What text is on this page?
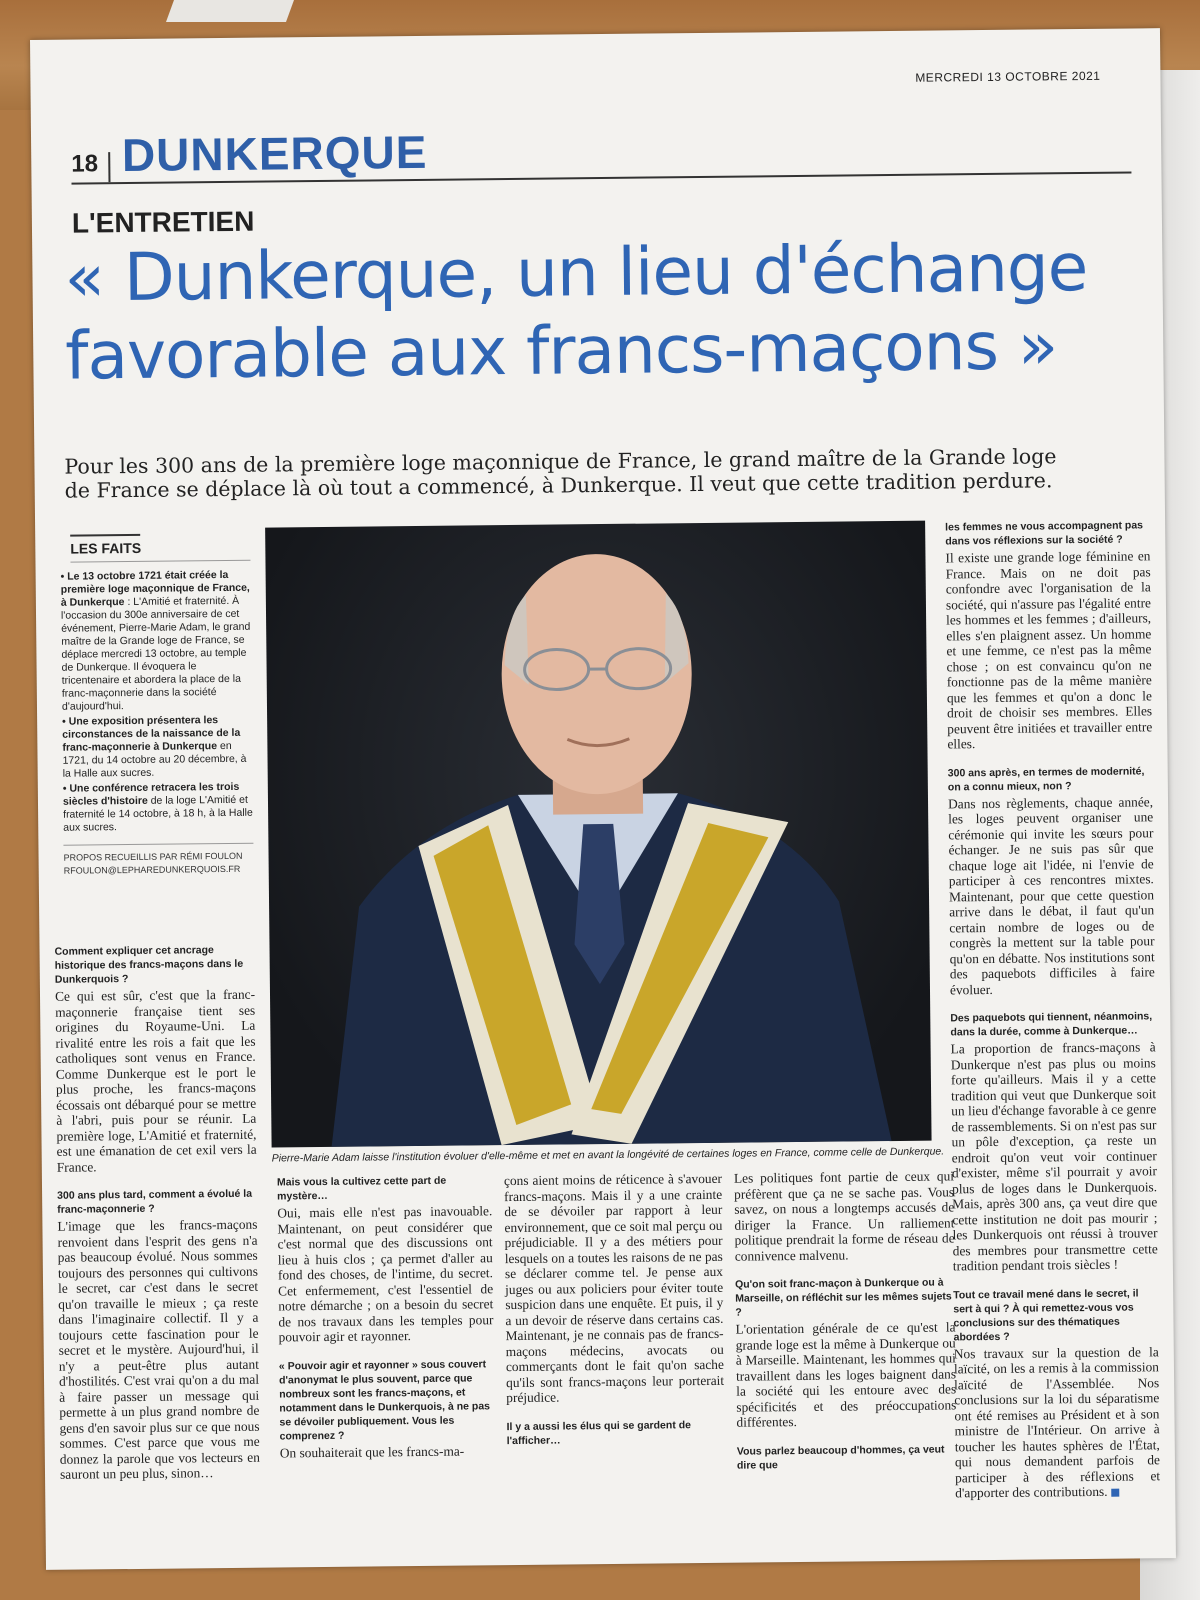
MERCREDI 13 OCTOBRE 2021
18 DUNKERQUE
L'ENTRETIEN
« Dunkerque, un lieu d'échange favorable aux francs-maçons »
Pour les 300 ans de la première loge maçonnique de France, le grand maître de la Grande loge de France se déplace là où tout a commencé, à Dunkerque. Il veut que cette tradition perdure.
LES FAITS

• Le 13 octobre 1721 était créée la première loge maçonnique de France, à Dunkerque : L'Amitié et fraternité. À l'occasion du 300e anniversaire de cet événement, Pierre-Marie Adam, le grand maître de la Grande loge de France, se déplace mercredi 13 octobre, au temple de Dunkerque. Il évoquera le tricentenaire et abordera la place de la franc-maçonnerie dans la société d'aujourd'hui.

• Une exposition présentera les circonstances de la naissance de la franc-maçonnerie à Dunkerque en 1721, du 14 octobre au 20 décembre, à la Halle aux sucres.

• Une conférence retracera les trois siècles d'histoire de la loge L'Amitié et fraternité le 14 octobre, à 18 h, à la Halle aux sucres.

PROPOS RECUEILLIS PAR RÉMI FOULON
RFOULON@LEPHAREDUNKERQUOIS.FR
Comment expliquer cet ancrage historique des francs-maçons dans le Dunkerquois ?

Ce qui est sûr, c'est que la franc-maçonnerie française tient ses origines du Royaume-Uni. La rivalité entre les rois a fait que les catholiques sont venus en France. Comme Dunkerque est le port le plus proche, les francs-maçons écossais ont débarqué pour se mettre à l'abri, puis pour se réunir. La première loge, L'Amitié et fraternité, est une émanation de cet exil vers la France.

300 ans plus tard, comment a évolué la franc-maçonnerie ?

L'image que les francs-maçons renvoient dans l'esprit des gens n'a pas beaucoup évolué. Nous sommes toujours des personnes qui cultivons le secret, car c'est dans le secret qu'on travaille le mieux ; ça reste dans l'imaginaire collectif. Il y a toujours cette fascination pour le secret et le mystère. Aujourd'hui, il n'y a peut-être plus autant d'hostilités. C'est vrai qu'on a du mal à faire passer un message qui permette à un plus grand nombre de gens d'en savoir plus sur ce que nous sommes. C'est parce que vous me donnez la parole que vos lecteurs en sauront un peu plus, sinon…

Pierre-Marie Adam laisse l'institution évoluer d'elle-même et met en avant la longévité de certaines loges en France, comme celle de Dunkerque.
Mais vous la cultivez cette part de mystère…

Oui, mais elle n'est pas inavouable. Maintenant, on peut considérer que c'est normal que des discussions ont lieu à huis clos ; ça permet d'aller au fond des choses, de l'intime, du secret. Cet enfermement, c'est l'essentiel de notre démarche ; on a besoin du secret de nos travaux dans les temples pour pouvoir agir et rayonner.

« Pouvoir agir et rayonner » sous couvert d'anonymat le plus souvent, parce que nombreux sont les francs-maçons, et notamment dans le Dunkerquois, à ne pas se dévoiler publiquement. Vous les comprenez ?

On souhaiterait que les francs-ma-

çons aient moins de réticence à s'avouer francs-maçons. Mais il y a une crainte de se dévoiler par rapport à leur environnement, que ce soit mal perçu ou préjudiciable. Il y a des métiers pour lesquels on a toutes les raisons de ne pas se déclarer comme tel. Je pense aux juges ou aux policiers pour éviter toute suspicion dans une enquête. Et puis, il y a un devoir de réserve dans certains cas. Maintenant, je ne connais pas de francs-maçons médecins, avocats ou commerçants dont le fait qu'on sache qu'ils sont francs-maçons leur porterait préjudice.

Il y a aussi les élus qui se gardent de l'afficher…

Les politiques font partie de ceux qui préfèrent que ça ne se sache pas. Vous savez, on nous a longtemps accusés de diriger la France. Un ralliement politique prendrait la forme de réseau de connivence malvenu.

Qu'on soit franc-maçon à Dunkerque ou à Marseille, on réfléchit sur les mêmes sujets ?

L'orientation générale de ce qu'est la grande loge est la même à Dunkerque ou à Marseille. Maintenant, les hommes qui travaillent dans les loges baignent dans la société qui les entoure avec des spécificités et des préoccupations différentes.

Vous parlez beaucoup d'hommes, ça veut dire que
les femmes ne vous accompagnent pas dans vos réflexions sur la société ?

Il existe une grande loge féminine en France. Mais on ne doit pas confondre avec l'organisation de la société, qui n'assure pas l'égalité entre les hommes et les femmes ; d'ailleurs, elles s'en plaignent assez. Un homme et une femme, ce n'est pas la même chose ; on est convaincu qu'on ne fonctionne pas de la même manière que les femmes et qu'on a donc le droit de choisir ses membres. Elles peuvent être initiées et travailler entre elles.

300 ans après, en termes de modernité, on a connu mieux, non ?

Dans nos règlements, chaque année, les loges peuvent organiser une cérémonie qui invite les sœurs pour échanger. Je ne suis pas sûr que chaque loge ait l'idée, ni l'envie de participer à ces rencontres mixtes. Maintenant, pour que cette question arrive dans le débat, il faut qu'un certain nombre de loges ou de congrès la mettent sur la table pour qu'on en débatte. Nos institutions sont des paquebots difficiles à faire évoluer.

Des paquebots qui tiennent, néanmoins, dans la durée, comme à Dunkerque…

La proportion de francs-maçons à Dunkerque n'est pas plus ou moins forte qu'ailleurs. Mais il y a cette tradition qui veut que Dunkerque soit un lieu d'échange favorable à ce genre de rassemblements. Si on n'est pas sur un pôle d'exception, ça reste un endroit qu'on veut voir continuer d'exister, même s'il pourrait y avoir plus de loges dans le Dunkerquois. Mais, après 300 ans, ça veut dire que cette institution ne doit pas mourir ; les Dunkerquois ont réussi à trouver des membres pour transmettre cette tradition pendant trois siècles !

Tout ce travail mené dans le secret, il sert à qui ? À qui remettez-vous vos conclusions sur des thématiques abordées ?

Nos travaux sur la question de la laïcité, on les a remis à la commission laïcité de l'Assemblée. Nos conclusions sur la loi du séparatisme ont été remises au Président et à son ministre de l'Intérieur. On arrive à toucher les hautes sphères de l'État, qui nous demandent parfois de participer à des réflexions et d'apporter des contributions.
